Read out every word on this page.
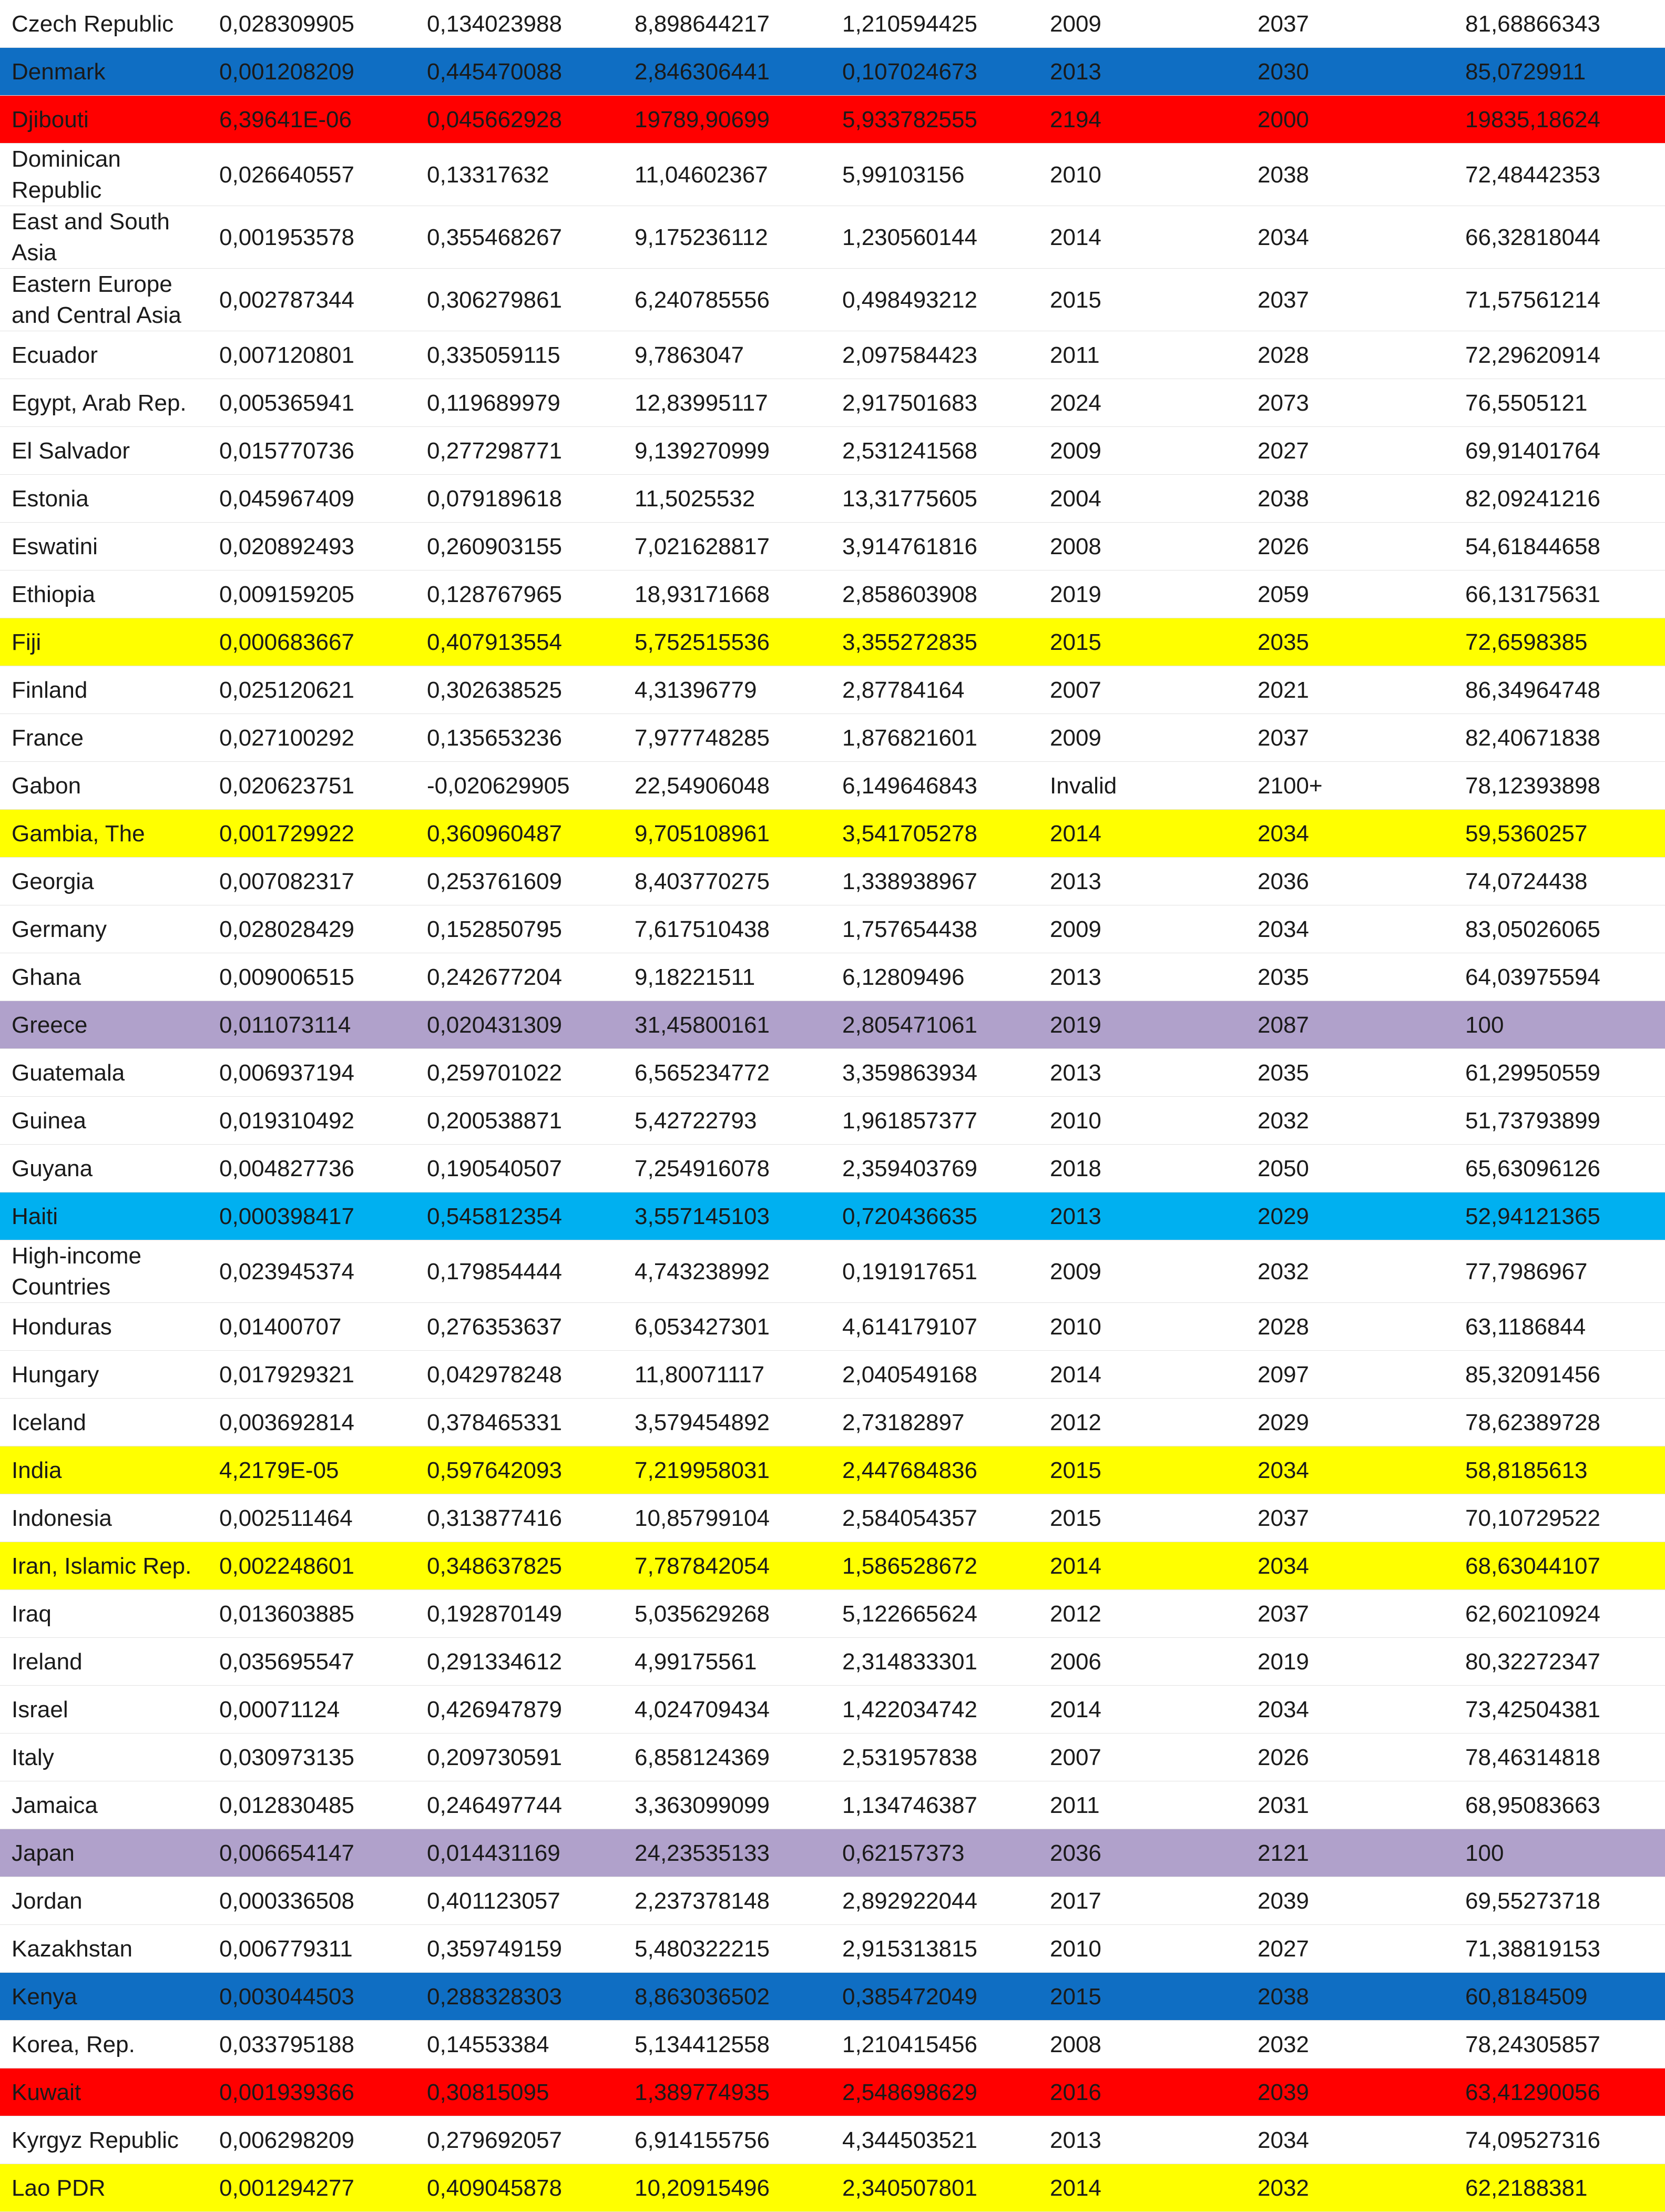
Czech Republic	0,028309905	0,134023988	8,898644217	1,210594425	2009	2037	81,68866343
Denmark	0,001208209	0,445470088	2,846306441	0,107024673	2013	2030	85,0729911
Djibouti	6,39641E-06	0,045662928	19789,90699	5,933782555	2194	2000	19835,18624
Dominican Republic	0,026640557	0,13317632	11,04602367	5,99103156	2010	2038	72,48442353
East and South Asia	0,001953578	0,355468267	9,175236112	1,230560144	2014	2034	66,32818044
Eastern Europe and Central Asia	0,002787344	0,306279861	6,240785556	0,498493212	2015	2037	71,57561214
Ecuador	0,007120801	0,335059115	9,7863047	2,097584423	2011	2028	72,29620914
Egypt, Arab Rep.	0,005365941	0,119689979	12,83995117	2,917501683	2024	2073	76,5505121
El Salvador	0,015770736	0,277298771	9,139270999	2,531241568	2009	2027	69,91401764
Estonia	0,045967409	0,079189618	11,5025532	13,31775605	2004	2038	82,09241216
Eswatini	0,020892493	0,260903155	7,021628817	3,914761816	2008	2026	54,61844658
Ethiopia	0,009159205	0,128767965	18,93171668	2,858603908	2019	2059	66,13175631
Fiji	0,000683667	0,407913554	5,752515536	3,355272835	2015	2035	72,6598385
Finland	0,025120621	0,302638525	4,31396779	2,87784164	2007	2021	86,34964748
France	0,027100292	0,135653236	7,977748285	1,876821601	2009	2037	82,40671838
Gabon	0,020623751	-0,020629905	22,54906048	6,149646843	Invalid	2100+	78,12393898
Gambia, The	0,001729922	0,360960487	9,705108961	3,541705278	2014	2034	59,5360257
Georgia	0,007082317	0,253761609	8,403770275	1,338938967	2013	2036	74,0724438
Germany	0,028028429	0,152850795	7,617510438	1,757654438	2009	2034	83,05026065
Ghana	0,009006515	0,242677204	9,18221511	6,12809496	2013	2035	64,03975594
Greece	0,011073114	0,020431309	31,45800161	2,805471061	2019	2087	100
Guatemala	0,006937194	0,259701022	6,565234772	3,359863934	2013	2035	61,29950559
Guinea	0,019310492	0,200538871	5,42722793	1,961857377	2010	2032	51,73793899
Guyana	0,004827736	0,190540507	7,254916078	2,359403769	2018	2050	65,63096126
Haiti	0,000398417	0,545812354	3,557145103	0,720436635	2013	2029	52,94121365
High-income Countries	0,023945374	0,179854444	4,743238992	0,191917651	2009	2032	77,7986967
Honduras	0,01400707	0,276353637	6,053427301	4,614179107	2010	2028	63,1186844
Hungary	0,017929321	0,042978248	11,80071117	2,040549168	2014	2097	85,32091456
Iceland	0,003692814	0,378465331	3,579454892	2,73182897	2012	2029	78,62389728
India	4,2179E-05	0,597642093	7,219958031	2,447684836	2015	2034	58,8185613
Indonesia	0,002511464	0,313877416	10,85799104	2,584054357	2015	2037	70,10729522
Iran, Islamic Rep.	0,002248601	0,348637825	7,787842054	1,586528672	2014	2034	68,63044107
Iraq	0,013603885	0,192870149	5,035629268	5,122665624	2012	2037	62,60210924
Ireland	0,035695547	0,291334612	4,99175561	2,314833301	2006	2019	80,32272347
Israel	0,00071124	0,426947879	4,024709434	1,422034742	2014	2034	73,42504381
Italy	0,030973135	0,209730591	6,858124369	2,531957838	2007	2026	78,46314818
Jamaica	0,012830485	0,246497744	3,363099099	1,134746387	2011	2031	68,95083663
Japan	0,006654147	0,014431169	24,23535133	0,62157373	2036	2121	100
Jordan	0,000336508	0,401123057	2,237378148	2,892922044	2017	2039	69,55273718
Kazakhstan	0,006779311	0,359749159	5,480322215	2,915313815	2010	2027	71,38819153
Kenya	0,003044503	0,288328303	8,863036502	0,385472049	2015	2038	60,8184509
Korea, Rep.	0,033795188	0,14553384	5,134412558	1,210415456	2008	2032	78,24305857
Kuwait	0,001939366	0,30815095	1,389774935	2,548698629	2016	2039	63,41290056
Kyrgyz Republic	0,006298209	0,279692057	6,914155756	4,344503521	2013	2034	74,09527316
Lao PDR	0,001294277	0,409045878	10,20915496	2,340507801	2014	2032	62,2188381
